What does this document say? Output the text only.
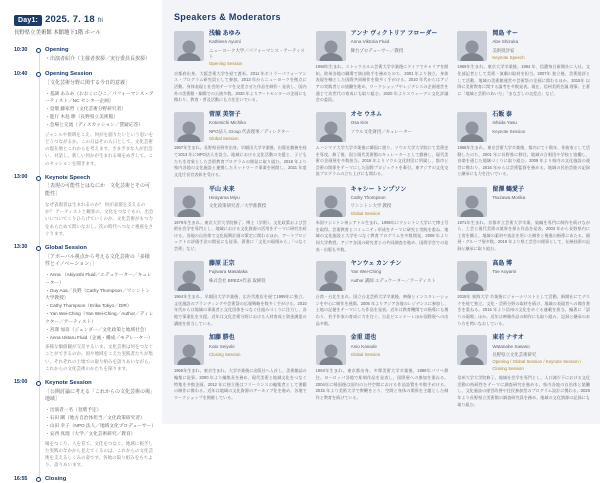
Day1: 2025. 7. 18 fri
長野県立美術館 本館地下1階 ホール
10:30	Opening
・出演者紹介（主催者挨拶／実行委員長挨拶）
10:40	Opening Session
［文化芸術分野に関する今日的意義］
・基調 あみあ（おおくにひこ／パフォーマンス・アーティスト／NC センター企画）
・登壇 藤家哲（文化芸術分野研究者）
・進行 木島 勝（長野県立美術館）
・会場と交流（ディスカッション／質疑応答）
ジャンルや領域をこえ、何がを創りたいという思いをどうつながるか。この日はその入口として、文化芸術の現在地とこれからを考えます。さまざまな人が出会い、対話し、新しい何かが生まれる場をめざして、このセッションを開きます。
13:00	Keynote Speech
［表現の可能性とはなにか　文化芸術とその可能性］
なぜ表現者は生まれるのか？ 何が表現を支えるのか？ アーティストと観客の、文化をつなぐもの、出会いについてくりひろげていくのか。文化芸術がもつ力をあらためて問いなおし、次の時代へつなぐ視座をさぐります。
13:30	Global Session
［アボーバル視点から考える文化芸術の「多様性とイノベーション」］
・Anna （Akiyoshi Fluid／エデュケーター／キュレーター）
・Ouy Aoa／長野（Cathy Thompson／ワシントン大学教授）
・Cathy Thompson（Erika Tokyo／DIR）
・Yan Wei-Ching（Yan Wei-Ching／Author／ディレクター／アーティスト）
・宮澤 加奈（ジェンダー／文化政策と地域社会）
・Anna Uktaru Fluid（企画・構成／モデレーター）
多様な価値観が交差するいま、文化芸術は何をつなぐことができるのか。国や地域をこえた実践者たちが集い、それぞれの土地での取り組みを語りあいながら、これからの文化芸術のかたちを探ります。
15:00	Keynote Session
［公開討論に考える「これからの文化芸術の場」地域］
・出演者一名（登壇予定）
・石田 剛（地方自治体担当／文化政策研究者）
・山田 幸子（NPO 法人／地域文化プロデューサー）
・安西 真理（大学／文化芸術研究／教育）
場をつくり、人を育て、文化をつなぐ。地域に根ざした実践のなかから見えてくるのは、これからの文化芸術を支えるしくみの姿です。各地の取り組みをもちより、語りあいます。
16:55	Closing
Speakers & Moderators
浅輪 あゆみ
Kathleen Ayumi
ニューヨーク大学／パフォーマンス・アーティスト
Opening Session
京都府出身。大阪芸術大学を経て渡米。2011 年ボイラーパフォーマンス・プログラム研究員として参加。2013 年からニューヨークを拠点に活動。身体表現と社会的テーマを交差させた作品を制作・発表し、国内外の美術館・劇場での公演多数。2020 年よりアートセンターの企画にも携わり、教育・普及活動にも力を注いでいる。
アンナ ヴィクトリア フローダー
Anna Viktoria Fluid
舞台プロデューサー／教授
1968年生まれ。ストックホルム芸術大学卒業後にドイツでキャリアを開始。欧州各地の劇場で演出助手を務めたのち、2001 年より独立。身体表現を軸とした国際共同制作を数多く手がける。2010 年代からはアジアの実践者との協働を進め、ワークショップやレジデンスの企画運営を通じて次世代の育成にも取り組む。2020 年よりスウェーデン文化評議会の委員。
岡島 サー
Abe Shizuka
美術批評家
Keynote Speech
1969年生まれ。東京大学卒業後、1994 年、信濃毎日新聞社に入社。文化部記者として美術・演劇の取材を担当。2007年 独立後、美術批評として活動。地域の美術館運営や芸術祭の企画に関わるほか、2015年 以降に美術教育に関する論考を多数発表。現在、信州美術会議 理事。主著に「地域と芸術のあいだ」「まなざしの交差点」など。
菅原 美智子
Kotomichi Michiko
NPO法人 Group 代表理事／ディレクター
Global Session
1967年生まれ。長野県長野市出身。早稲田大学卒業後、出版社勤務を経て2013 年にNPO法人を設立。地域における文化活動の支援と、子どもたちを対象とした芸術教育プログラムの開発に取り組む。2018 年より県内各地の文化施設と連携したネットワーク事業を展開し、2021 年度文化庁長官表彰を受ける。
オセ ウネム
Osa Kim
ソウル文化財団／キュレーター
ムハンマド大学大学卒業後に韓国に渡り、ソウル大学大学院にて美術史を専攻。修了後、国立現代美術館のキュレーターとして勤務し、現代美術の企画展を多数担当。2016 年よりソウル文化財団に所属し、都市と芸術の関係をテーマにした国際プロジェクトを牽引。東アジアの文化交流プログラムの立ち上げにも関わる。
石飯 泰
Ishiida Yasu
Keynote Session
1968年生まれ。東京芸術大学卒業後、都内にて十数年、作曲家として活動したのち、2001 年に長野県に移住。地域の合唱団や学校と協働し、音楽を通じた地域づくりに取り組む。2009 年より県内の文化施設の運営に携わり、2016 年からは芸術監督を務める。地域の民俗芸能の記録と継承にも力を注いでいる。
平山 未来
Hirayama Miyu
文化政策研究者／大学准教授
1979年生まれ。東京大学大学院修了。博士（学術）。文化政策および芸術社会学を専門とし、地域における文化資源の活用をテーマに研究を続ける。各地の自治体で文化振興計画の策定に関わるほか、アートプロジェクトの評価手法の開発にも従事。著書に「文化の現場から」「つなぐ芸術」など。
キャシー トンプソン
Cathy Thompson
ワシントン大学 教授
Global Session
米国ワシントン州シアトル生まれ。1995年にワシントン大学にて博士号を取得。芸術教育とコミュニティ形成をテーマに研究と実践を重ね、地域の文化施設と大学をつなぐ教育プログラムを多数開発。2008 年より同大学教授。アジア各国の研究者との共同調査を進め、国際学会での発表・出版も多数。
留澤 鶴愛子
Tsuzawa Morika
1971年生まれ。京都市立芸術大学卒業。染織を専門に制作を続けながら、工芸と現代美術の境界を探る作品を発表。2003 年から長野県内に工房を構え、地域の素材や技法を用いた制作と後進の指導にあたる。個展・グループ展多数。2019 年より県工芸会の理事として、伝統技術の記録と継承に取り組む。
藤原 正宗
Fujiwara Masataka
株式会社 BREZA代表 取締役
1964年生まれ。早稲田大学卒業後、広告代理店を経て1999年に独立。文化施設のブランディングや芸術祭の広報戦略を数多く手がける。2010 年代からは地域の事業者と文化団体をつなぐ仕組みづくりに注力し、各地で事業化を支援。近年は文化芸術分野における人材育成と資金調達の講座を担当している。
ヤンウェ カン チン
Yan Wei-Ching
Author 講師 エデュケーター／アーティスト
台湾・台北生まれ。国立台北芸術大学卒業後、映像とインスタレーションを中心に制作を展開。2005 年よりアジア各地のレジデンスに参加し、土地の記憶をテーマにした作品を発表。近年は教育機関での指導にも携わり、若手作家の育成に力を注ぐ。台北ビエンナーレほか国際展への出品多数。
高島 博
Toe Aoyami
2018年 東海大学 卒業後にジャーナリストとして活動。新聞社にてデスクを経て独立。文化・芸術分野の取材を続け、地域の表現者への聞き書きを重ねる。2016 年より信州の文化をめぐる連載を担当。編著に「語りの現場」ほか。近年は映像作品の制作にも取り組み、記録と継承のあり方を問いなおしている。
加藤 勝也
Kato Seiyuki
Closing Session
1965年生まれ。東京生まれ。大学卒業後に出版社へ入社し、美術雑誌の編集に従事。2000 年より編集長を務め、現代美術と地域文化をつなぐ特集を多数企画。2012 年に独立後はフリーランスの編集者として書籍の制作に携わる。近年は地域の文化資源のアーカイブ化を進め、各地でワークショップを開催している。
金重 道也
Anio Kanade
Global Session
1963年生まれ。東京都出身。多摩美術大学卒業後、1989年パリへ移住。ヨーロッパ各地で彫刻作品を発表し、国際展への参加を重ねる。2004年に帰国後は国内の公共空間における作品設置を多数手がける。2015 年より美術大学で教鞭をとり、空間と身体の関係を主題とした制作と教育を続けている。
東若 ナサオ
Watanabe Sasaso
長野県立文化芸術研究
Opening / Global Session / Keynote Session / Closing Session
信州大学大学院修了。地域社会学を専門とし、人口減少下における文化活動の持続性をテーマに調査研究を進める。県内各地の自治体と協働し、文化施設の運営改善や住民参加型のプログラム設計に携わる。2020 年より長野県立美術館の調査研究員を務め、地域の文化資源の記録にも取り組む。
